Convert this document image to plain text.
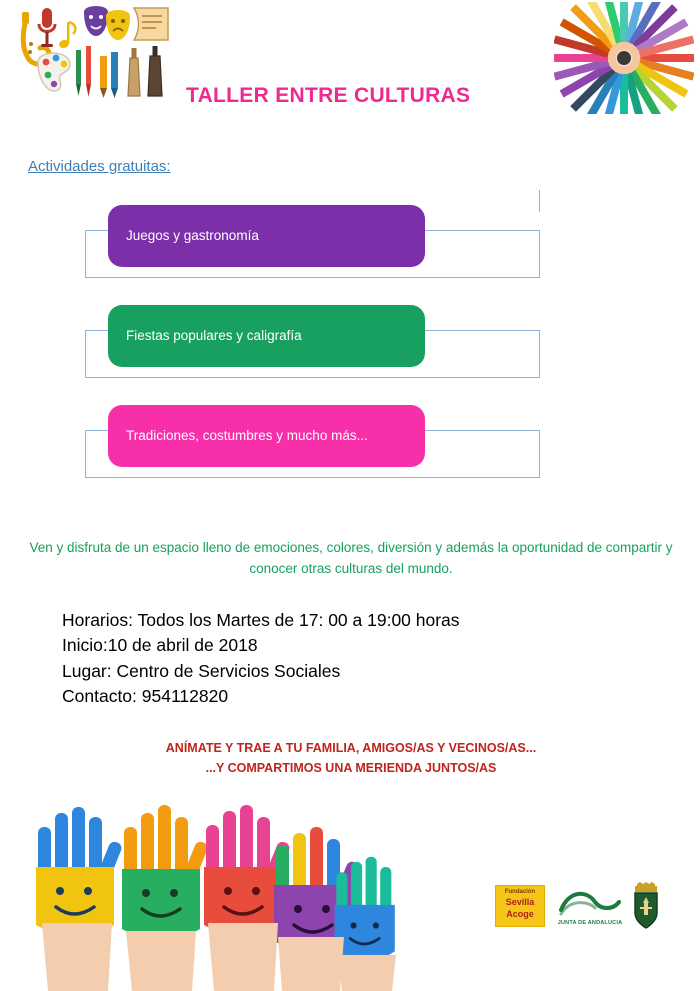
TALLER ENTRE CULTURAS
Actividades gratuitas:
Juegos y gastronomía
Fiestas populares y caligrafía
Tradiciones, costumbres y mucho más...
Ven y disfruta de un espacio lleno de emociones, colores, diversión y además la oportunidad de compartir y conocer otras culturas del mundo.
Horarios: Todos los Martes de 17: 00 a 19:00 horas
Inicio:10 de abril de 2018
Lugar: Centro de Servicios Sociales
Contacto: 954112820
ANÍMATE Y TRAE A TU FAMILIA, AMIGOS/AS Y VECINOS/AS...
...Y COMPARTIMOS UNA MERIENDA JUNTOS/AS
Fundación
Sevilla
Acoge
JUNTA DE ANDALUCIA
